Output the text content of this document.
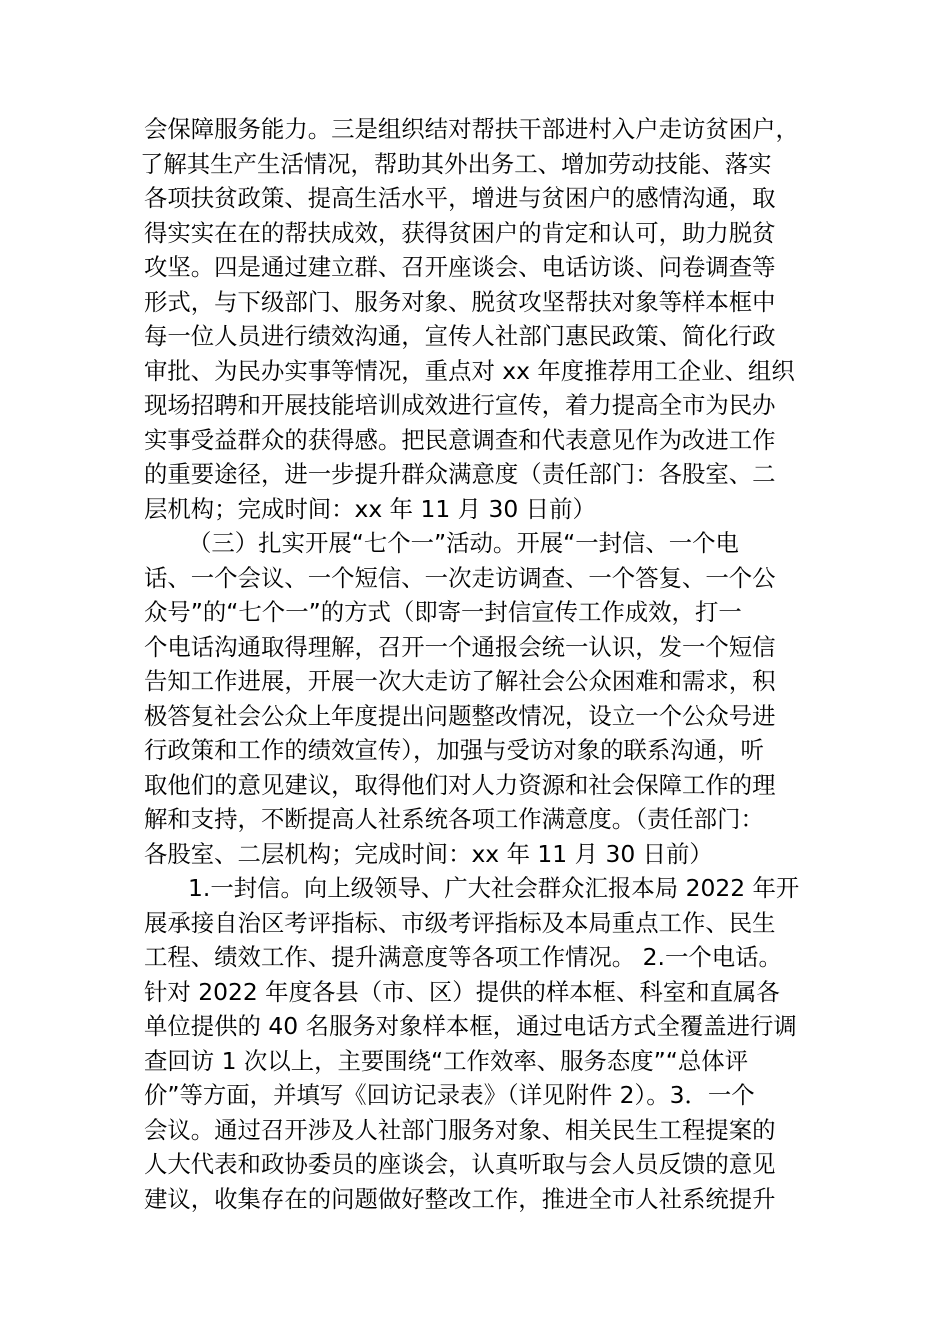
会保障服务能力。三是组织结对帮扶干部进村入户走访贫困户，
了解其生产生活情况，帮助其外出务工、增加劳动技能、落实
各项扶贫政策、提高生活水平，增进与贫困户的感情沟通，取
得实实在在的帮扶成效，获得贫困户的肯定和认可，助力脱贫
攻坚。四是通过建立群、召开座谈会、电话访谈、问卷调查等
形式，与下级部门、服务对象、脱贫攻坚帮扶对象等样本框中
每一位人员进行绩效沟通，宣传人社部门惠民政策、简化行政
审批、为民办实事等情况，重点对 xx 年度推荐用工企业、组织
现场招聘和开展技能培训成效进行宣传，着力提高全市为民办
实事受益群众的获得感。把民意调查和代表意见作为改进工作
的重要途径，进一步提升群众满意度（责任部门：各股室、二
层机构；完成时间：xx 年 11 月 30 日前）
（三）扎实开展“七个一”活动。开展“一封信、一个电
话、一个会议、一个短信、一次走访调查、一个答复、一个公
众号”的“七个一”的方式（即寄一封信宣传工作成效，打一
个电话沟通取得理解，召开一个通报会统一认识，发一个短信
告知工作进展，开展一次大走访了解社会公众困难和需求，积
极答复社会公众上年度提出问题整改情况，设立一个公众号进
行政策和工作的绩效宣传），加强与受访对象的联系沟通，听
取他们的意见建议，取得他们对人力资源和社会保障工作的理
解和支持，不断提高人社系统各项工作满意度。（责任部门：
各股室、二层机构；完成时间：xx 年 11 月 30 日前）
1.一封信。向上级领导、广大社会群众汇报本局 2022 年开
展承接自治区考评指标、市级考评指标及本局重点工作、民生
工程、绩效工作、提升满意度等各项工作情况。 2.一个电话。
针对 2022 年度各县（市、区）提供的样本框、科室和直属各
单位提供的 40 名服务对象样本框，通过电话方式全覆盖进行调
查回访 1 次以上，主要围绕“工作效率、服务态度”“总体评
价”等方面，并填写《回访记录表》（详见附件 2）。3．一个
会议。通过召开涉及人社部门服务对象、相关民生工程提案的
人大代表和政协委员的座谈会，认真听取与会人员反馈的意见
建议，收集存在的问题做好整改工作，推进全市人社系统提升
